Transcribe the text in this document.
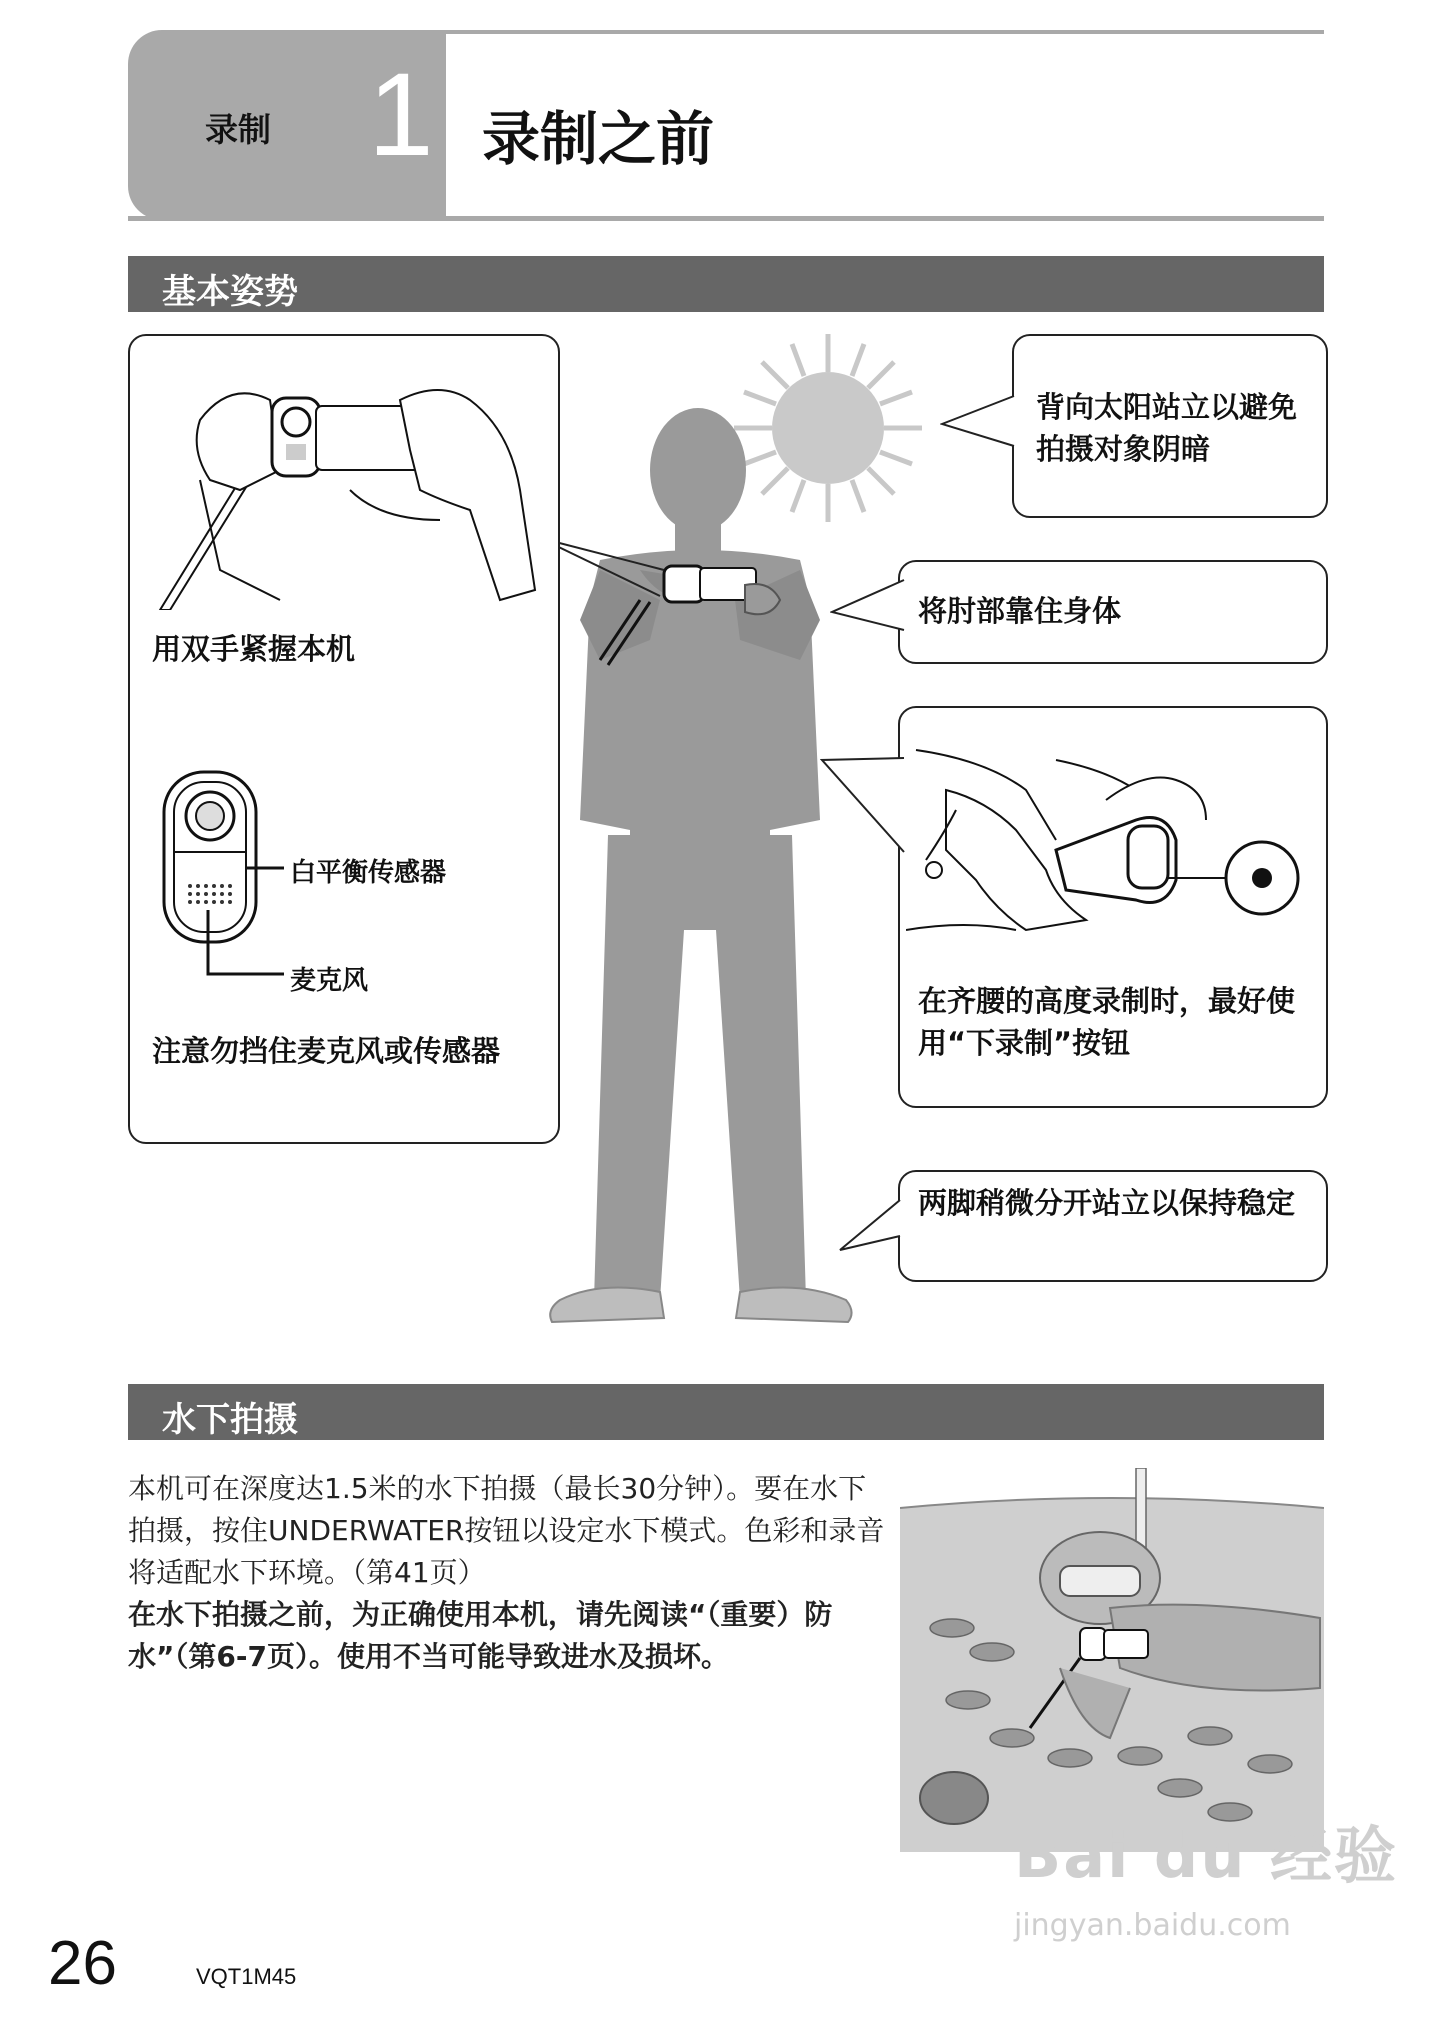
录制 1 录制之前
基本姿势
用双手紧握本机
白平衡传感器
麦克风
注意勿挡住麦克风或传感器
背向太阳站立以避免拍摄对象阴暗
将肘部靠住身体
在齐腰的高度录制时，最好使用“下录制”按钮
两脚稍微分开站立以保持稳定
水下拍摄
本机可在深度达1.5米的水下拍摄（最长30分钟）。要在水下拍摄，按住UNDERWATER按钮以设定水下模式。色彩和录音将适配水下环境。（第41页）
在水下拍摄之前，为正确使用本机，请先阅读“（重要）防水”（第6-7页）。使用不当可能导致进水及损坏。
Bai du 经验
jingyan.baidu.com
26	VQT1M45
